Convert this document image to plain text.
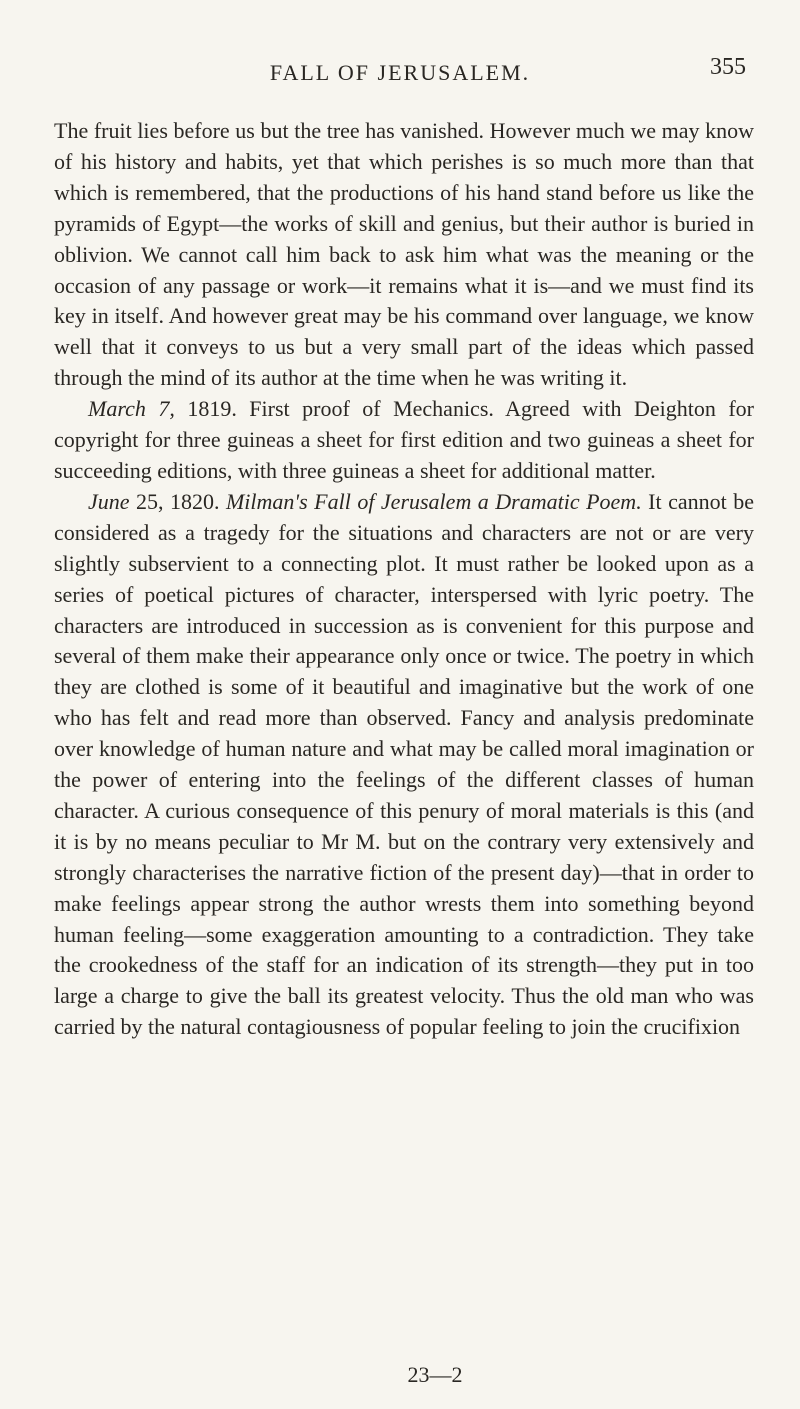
FALL OF JERUSALEM.	355

The fruit lies before us but the tree has vanished. However much we may know of his history and habits, yet that which perishes is so much more than that which is remembered, that the productions of his hand stand before us like the pyramids of Egypt—the works of skill and genius, but their author is buried in oblivion. We cannot call him back to ask him what was the meaning or the occasion of any passage or work—it remains what it is—and we must find its key in itself. And however great may be his command over language, we know well that it conveys to us but a very small part of the ideas which passed through the mind of its author at the time when he was writing it.

March 7, 1819. First proof of Mechanics. Agreed with Deighton for copyright for three guineas a sheet for first edition and two guineas a sheet for succeeding editions, with three guineas a sheet for additional matter.

June 25, 1820. Milman's Fall of Jerusalem a Dramatic Poem. It cannot be considered as a tragedy for the situations and characters are not or are very slightly subservient to a connecting plot. It must rather be looked upon as a series of poetical pictures of character, interspersed with lyric poetry. The characters are introduced in succession as is convenient for this purpose and several of them make their appearance only once or twice. The poetry in which they are clothed is some of it beautiful and imaginative but the work of one who has felt and read more than observed. Fancy and analysis predominate over knowledge of human nature and what may be called moral imagination or the power of entering into the feelings of the different classes of human character. A curious consequence of this penury of moral materials is this (and it is by no means peculiar to Mr M. but on the contrary very extensively and strongly characterises the narrative fiction of the present day)—that in order to make feelings appear strong the author wrests them into something beyond human feeling—some exaggeration amounting to a contradiction. They take the crookedness of the staff for an indication of its strength—they put in too large a charge to give the ball its greatest velocity. Thus the old man who was carried by the natural contagiousness of popular feeling to join the crucifixion

23—2
